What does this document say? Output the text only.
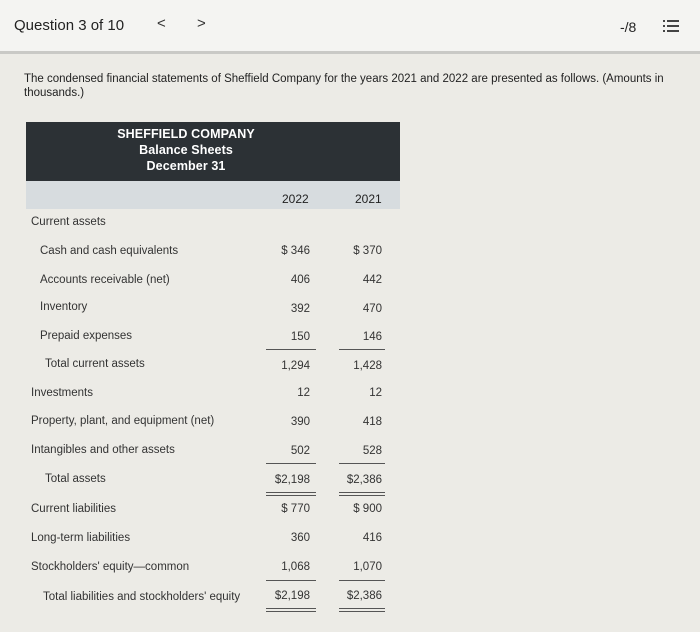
Question 3 of 10 < >	-/8
The condensed financial statements of Sheffield Company for the years 2021 and 2022 are presented as follows. (Amounts in thousands.)
SHEFFIELD COMPANY
Balance Sheets
December 31
2022	2021
Current assets
Cash and cash equivalents	$ 346	$ 370
Accounts receivable (net)	406	442
Inventory	392	470
Prepaid expenses	150	146
Total current assets	1,294	1,428
Investments	12	12
Property, plant, and equipment (net)	390	418
Intangibles and other assets	502	528
Total assets	$2,198	$2,386
Current liabilities	$ 770	$ 900
Long-term liabilities	360	416
Stockholders' equity—common	1,068	1,070
Total liabilities and stockholders' equity	$2,198	$2,386
